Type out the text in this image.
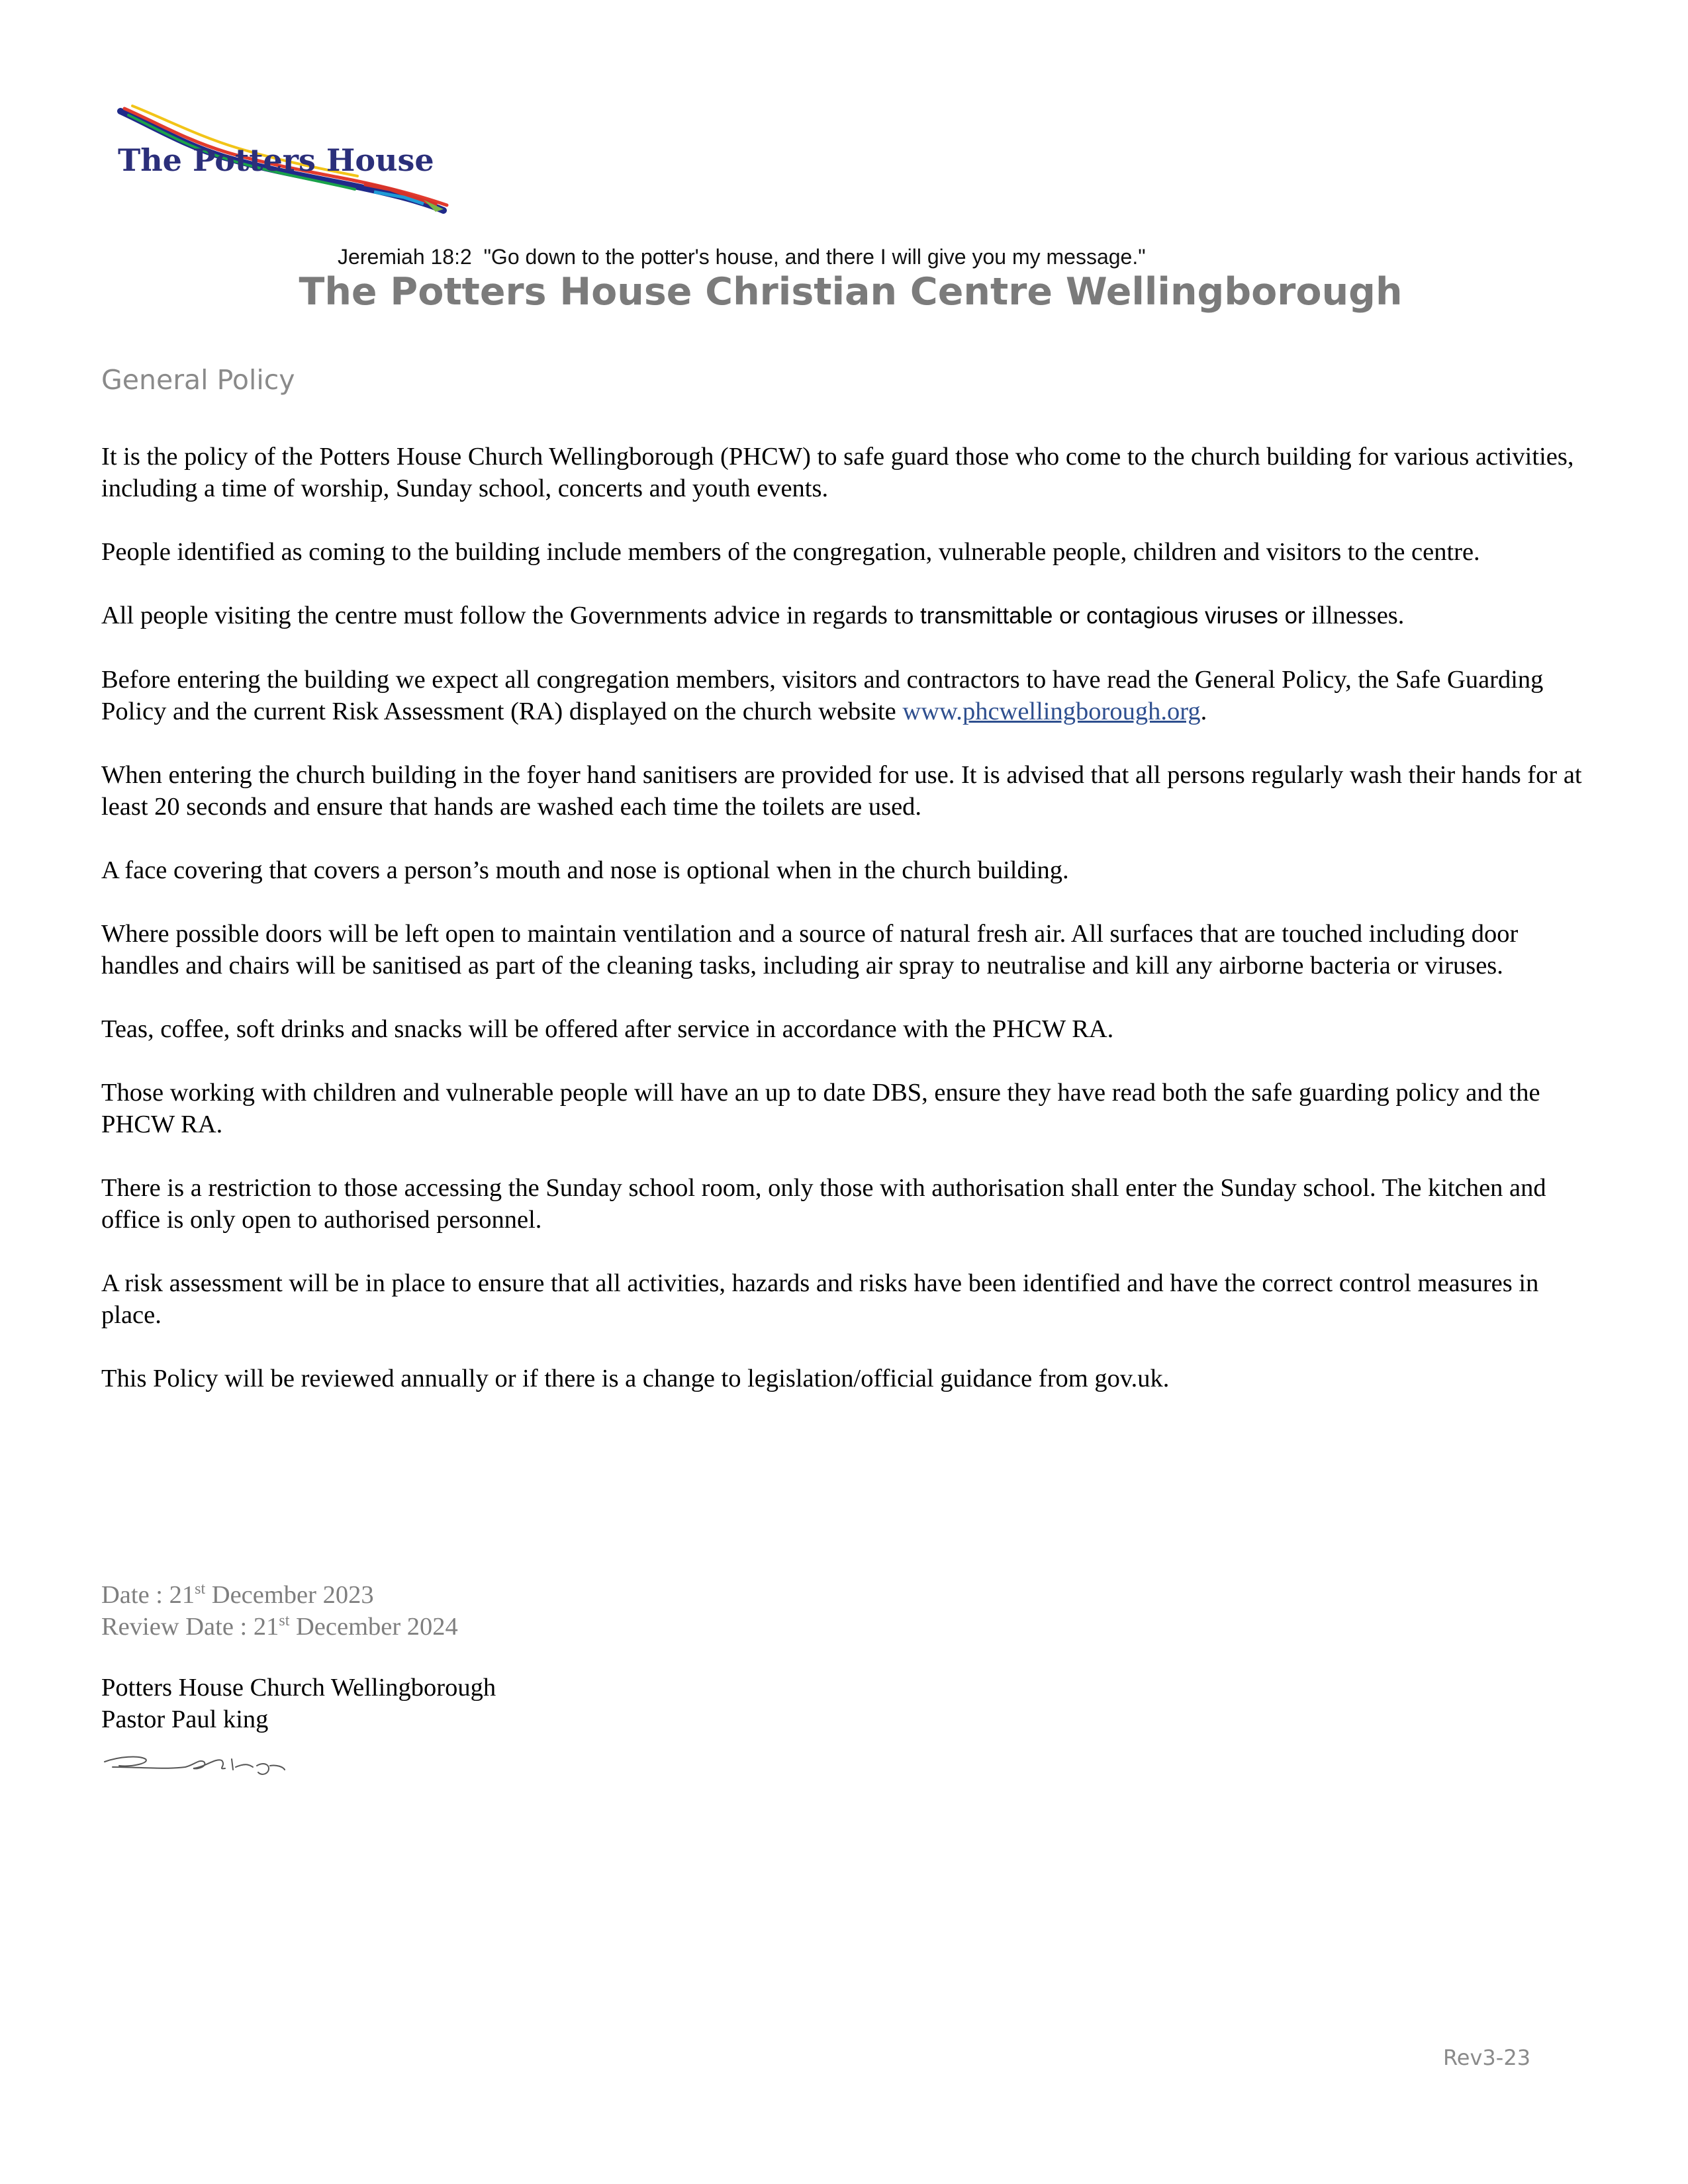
The Potters House
Jeremiah 18:2  "Go down to the potter's house, and there I will give you my message."
The Potters House Christian Centre Wellingborough
General Policy

It is the policy of the Potters House Church Wellingborough (PHCW) to safe guard those who come to the church building for various activities, including a time of worship, Sunday school, concerts and youth events.

People identified as coming to the building include members of the congregation, vulnerable people, children and visitors to the centre.

All people visiting the centre must follow the Governments advice in regards to transmittable or contagious viruses or illnesses.

Before entering the building we expect all congregation members, visitors and contractors to have read the General Policy, the Safe Guarding Policy and the current Risk Assessment (RA) displayed on the church website www.phcwellingborough.org.

When entering the church building in the foyer hand sanitisers are provided for use. It is advised that all persons regularly wash their hands for at least 20 seconds and ensure that hands are washed each time the toilets are used.

A face covering that covers a person’s mouth and nose is optional when in the church building.

Where possible doors will be left open to maintain ventilation and a source of natural fresh air. All surfaces that are touched including door handles and chairs will be sanitised as part of the cleaning tasks, including air spray to neutralise and kill any airborne bacteria or viruses.

Teas, coffee, soft drinks and snacks will be offered after service in accordance with the PHCW RA.

Those working with children and vulnerable people will have an up to date DBS, ensure they have read both the safe guarding policy and the PHCW RA.

There is a restriction to those accessing the Sunday school room, only those with authorisation shall enter the Sunday school. The kitchen and office is only open to authorised personnel.

A risk assessment will be in place to ensure that all activities, hazards and risks have been identified and have the correct control measures in place.

This Policy will be reviewed annually or if there is a change to legislation/official guidance from gov.uk.

Date : 21st December 2023
Review Date : 21st December 2024
Potters House Church Wellingborough
Pastor Paul king
Rev3-23
